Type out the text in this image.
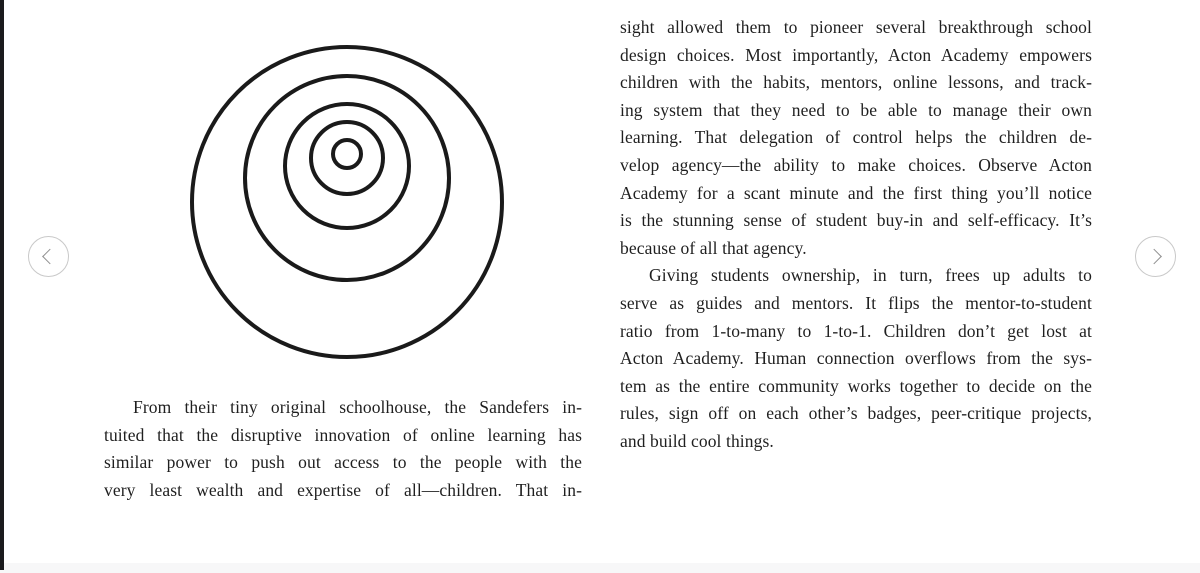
From their tiny original schoolhouse, the Sandefers in-
tuited that the disruptive innovation of online learning has
similar power to push out access to the people with the
very least wealth and expertise of all—children. That in-
sight allowed them to pioneer several breakthrough school
design choices. Most importantly, Acton Academy empowers
children with the habits, mentors, online lessons, and track-
ing system that they need to be able to manage their own
learning. That delegation of control helps the children de-
velop agency—the ability to make choices. Observe Acton
Academy for a scant minute and the first thing you’ll notice
is the stunning sense of student buy-in and self-efficacy. It’s
because of all that agency.
Giving students ownership, in turn, frees up adults to
serve as guides and mentors. It flips the mentor-to-student
ratio from 1-to-many to 1-to-1. Children don’t get lost at
Acton Academy. Human connection overflows from the sys-
tem as the entire community works together to decide on the
rules, sign off on each other’s badges, peer-critique projects,
and build cool things.
